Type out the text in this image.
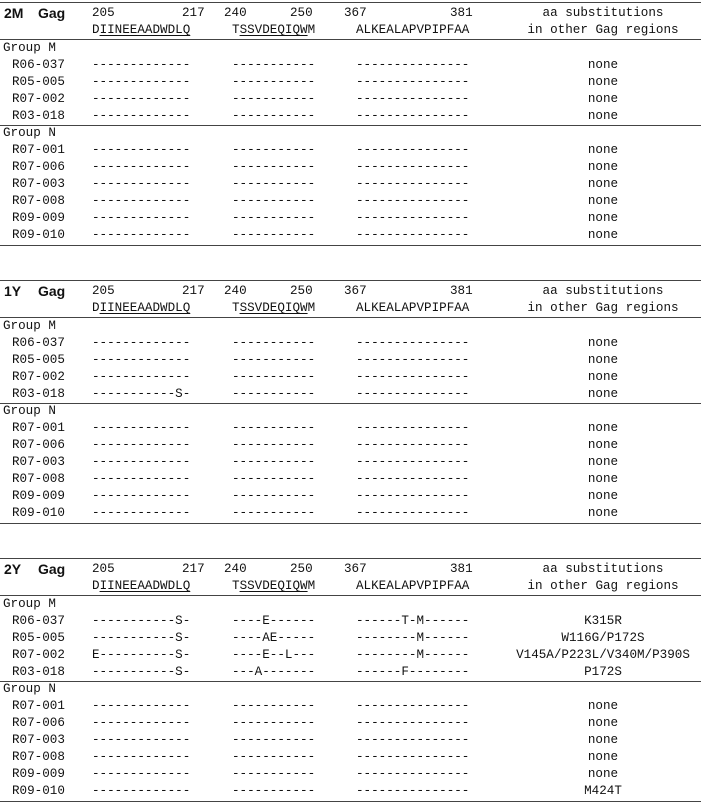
2M Gag 205	217 240	250 367	381	aa substitutions
DIINEEAADWDLQ	TSSVDEQIQWM	ALKEALAPVPIPFAA	in other Gag regions
Group M
R06-037 -------------	-----------	---------------	none
R05-005 -------------	-----------	---------------	none
R07-002 -------------	-----------	---------------	none
R03-018 -------------	-----------	---------------	none
Group N
R07-001 -------------	-----------	---------------	none
R07-006 -------------	-----------	---------------	none
R07-003 -------------	-----------	---------------	none
R07-008 -------------	-----------	---------------	none
R09-009 -------------	-----------	---------------	none
R09-010 -------------	-----------	---------------	none
1Y Gag 205	217 240	250 367	381	aa substitutions
DIINEEAADWDLQ	TSSVDEQIQWM	ALKEALAPVPIPFAA	in other Gag regions
Group M
R06-037 -------------	-----------	---------------	none
R05-005 -------------	-----------	---------------	none
R07-002 -------------	-----------	---------------	none
R03-018 -----------S-	-----------	---------------	none
Group N
R07-001 -------------	-----------	---------------	none
R07-006 -------------	-----------	---------------	none
R07-003 -------------	-----------	---------------	none
R07-008 -------------	-----------	---------------	none
R09-009 -------------	-----------	---------------	none
R09-010 -------------	-----------	---------------	none
2Y Gag 205	217 240	250 367	381	aa substitutions
DIINEEAADWDLQ	TSSVDEQIQWM	ALKEALAPVPIPFAA	in other Gag regions
Group M
R06-037 -----------S-	----E------	------T-M------	K315R
R05-005 -----------S-	----AE-----	--------M------	W116G/P172S
R07-002 E----------S-	----E--L---	--------M------	V145A/P223L/V340M/P390S
R03-018 -----------S-	---A-------	------F--------	P172S
Group N
R07-001 -------------	-----------	---------------	none
R07-006 -------------	-----------	---------------	none
R07-003 -------------	-----------	---------------	none
R07-008 -------------	-----------	---------------	none
R09-009 -------------	-----------	---------------	none
R09-010 -------------	-----------	---------------	M424T
